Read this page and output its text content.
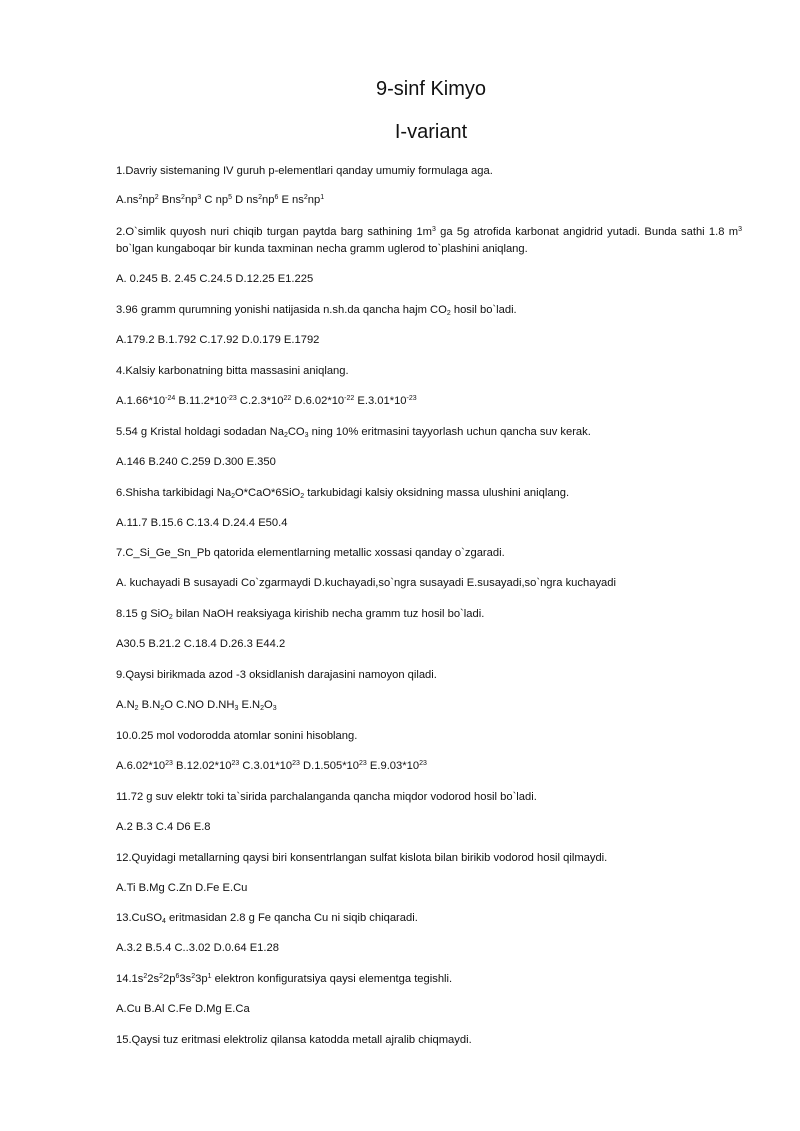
9-sinf Kimyo
I-variant
1.Davriy sistemaning IV guruh p-elementlari qanday umumiy formulaga aga.
$A.ns^2np^2$ $Bns^2np^3$ C $np^5$ D $ns^2np^6$ E $ns^2np^1$
2.O`simlik quyosh nuri chiqib turgan paytda barg sathining $1m^3$ ga 5g atrofida karbonat angidrid yutadi. Bunda sathi 1.8 $m^3$ bo`lgan kungaboqar bir kunda taxminan necha gramm uglerod to`plashini aniqlang.
A. 0.245 B. 2.45 C.24.5 D.12.25 E1.225
3.96 gramm qurumning yonishi natijasida n.sh.da qancha hajm $CO_2$ hosil bo`ladi.
A.179.2 B.1.792 C.17.92 D.0.179 E.1792
4.Kalsiy karbonatning bitta massasini aniqlang.
$A.1.66*10^{-24}$ $B.11.2*10^{-23}$ $C.2.3*10^{22}$ $D.6.02*10^{-22}$ $E.3.01*10^{-23}$
5.54 g Kristal holdagi sodadan $Na_2CO_3$ ning 10% eritmasini tayyorlash uchun qancha suv kerak.
A.146 B.240 C.259 D.300 E.350
6.Shisha tarkibidagi $Na_2O*CaO*6SiO_2$ tarkubidagi kalsiy oksidning massa ulushini aniqlang.
A.11.7 B.15.6 C.13.4 D.24.4 E50.4
7.C_Si_Ge_Sn_Pb qatorida elementlarning metallic xossasi qanday o`zgaradi.
A. kuchayadi B susayadi Co`zgarmaydi D.kuchayadi,so`ngra susayadi E.susayadi,so`ngra kuchayadi
8.15 g SiO$_2$ bilan NaOH reaksiyaga kirishib necha gramm tuz hosil bo`ladi.
A30.5 B.21.2 C.18.4 D.26.3 E44.2
9.Qaysi birikmada azod -3 oksidlanish darajasini namoyon qiladi.
$A.N_2$ $B.N_2O$ C.NO $D.NH_3$ $E.N_2O_3$
10.0.25 mol vodorodda atomlar sonini hisoblang.
$A.6.02*10^{23}$ $B.12.02*10^{23}$ $C.3.01*10^{23}$ $D.1.505*10^{23}$ $E.9.03*10^{23}$
11.72 g suv elektr toki ta`sirida parchalanganda qancha miqdor vodorod hosil bo`ladi.
A.2 B.3 C.4 D6 E.8
12.Quyidagi metallarning qaysi biri konsentrlangan sulfat kislota bilan birikib vodorod hosil qilmaydi.
A.Ti B.Mg C.Zn D.Fe E.Cu
13.CuSO$_4$ eritmasidan 2.8 g Fe qancha Cu ni siqib chiqaradi.
A.3.2 B.5.4 C..3.02 D.0.64 E1.28
$14.1s^22s^22p^63s^23p^1$ elektron konfiguratsiya qaysi elementga tegishli.
A.Cu B.Al C.Fe D.Mg E.Ca
15.Qaysi tuz eritmasi elektroliz qilansa katodda metall ajralib chiqmaydi.
